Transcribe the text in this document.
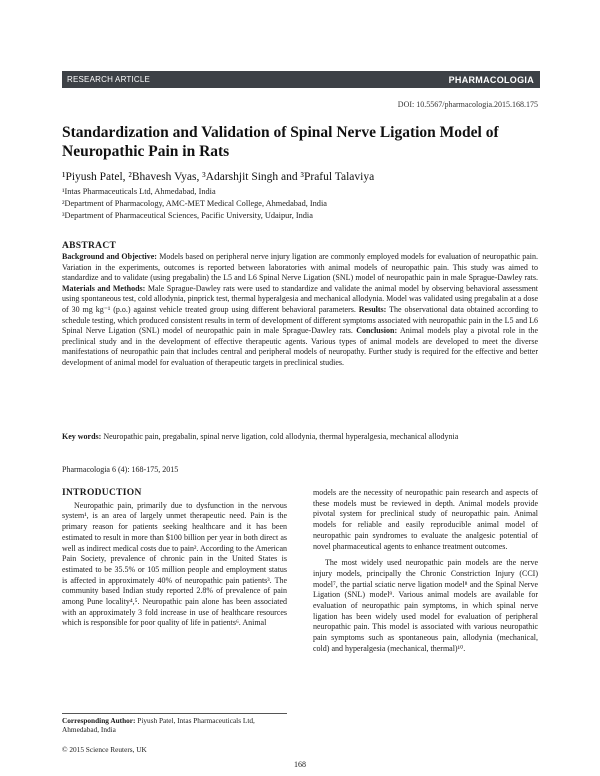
RESEARCH ARTICLE	PHARMACOLOGIA
DOI: 10.5567/pharmacologia.2015.168.175
Standardization and Validation of Spinal Nerve Ligation Model of Neuropathic Pain in Rats
¹Piyush Patel, ²Bhavesh Vyas, ³Adarshjit Singh and ³Praful Talaviya
¹Intas Pharmaceuticals Ltd, Ahmedabad, India
²Department of Pharmacology, AMC-MET Medical College, Ahmedabad, India
³Department of Pharmaceutical Sciences, Pacific University, Udaipur, India
ABSTRACT
Background and Objective: Models based on peripheral nerve injury ligation are commonly employed models for evaluation of neuropathic pain. Variation in the experiments, outcomes is reported between laboratories with animal models of neuropathic pain. This study was aimed to standardize and to validate (using pregabalin) the L5 and L6 Spinal Nerve Ligation (SNL) model of neuropathic pain in male Sprague-Dawley rats. Materials and Methods: Male Sprague-Dawley rats were used to standardize and validate the animal model by observing behavioral assessment using spontaneous test, cold allodynia, pinprick test, thermal hyperalgesia and mechanical allodynia. Model was validated using pregabalin at a dose of 30 mg kg⁻¹ (p.o.) against vehicle treated group using different behavioral parameters. Results: The observational data obtained according to schedule testing, which produced consistent results in term of development of different symptoms associated with neuropathic pain in the L5 and L6 Spinal Nerve Ligation (SNL) model of neuropathic pain in male Sprague-Dawley rats. Conclusion: Animal models play a pivotal role in the preclinical study and in the development of effective therapeutic agents. Various types of animal models are developed to meet the diverse manifestations of neuropathic pain that includes central and peripheral models of neuropathy. Further study is required for the effective and better development of animal model for evaluation of therapeutic targets in preclinical studies.
Key words: Neuropathic pain, pregabalin, spinal nerve ligation, cold allodynia, thermal hyperalgesia, mechanical allodynia
Pharmacologia 6 (4): 168-175, 2015
INTRODUCTION

Neuropathic pain, primarily due to dysfunction in the nervous system¹, is an area of largely unmet therapeutic need. Pain is the primary reason for patients seeking healthcare and it has been estimated to result in more than $100 billion per year in both direct as well as indirect medical costs due to pain². According to the American Pain Society, prevalence of chronic pain in the United States is estimated to be 35.5% or 105 million people and employment status is affected in approximately 40% of neuropathic pain patients³. The community based Indian study reported 2.8% of prevalence of pain among Pune locality⁴,⁵. Neuropathic pain alone has been associated with an approximately 3 fold increase in use of healthcare resources which is responsible for poor quality of life in patients⁶. Animal

models are the necessity of neuropathic pain research and aspects of these models must be reviewed in depth. Animal models provide pivotal system for preclinical study of neuropathic pain. Animal models for reliable and easily reproducible animal model of neuropathic pain syndromes to evaluate the analgesic potential of novel pharmaceutical agents to enhance treatment outcomes.

The most widely used neuropathic pain models are the nerve injury models, principally the Chronic Constriction Injury (CCI) model⁷, the partial sciatic nerve ligation model⁸ and the Spinal Nerve Ligation (SNL) model⁹. Various animal models are available for evaluation of neuropathic pain symptoms, in which spinal nerve ligation has been widely used model for evaluation of peripheral neuropathic pain. This model is associated with various neuropathic pain symptoms such as spontaneous pain, allodynia (mechanical, cold) and hyperalgesia (mechanical, thermal)¹⁰.

Corresponding Author: Piyush Patel, Intas Pharmaceuticals Ltd, Ahmedabad, India
© 2015 Science Reuters, UK
168
